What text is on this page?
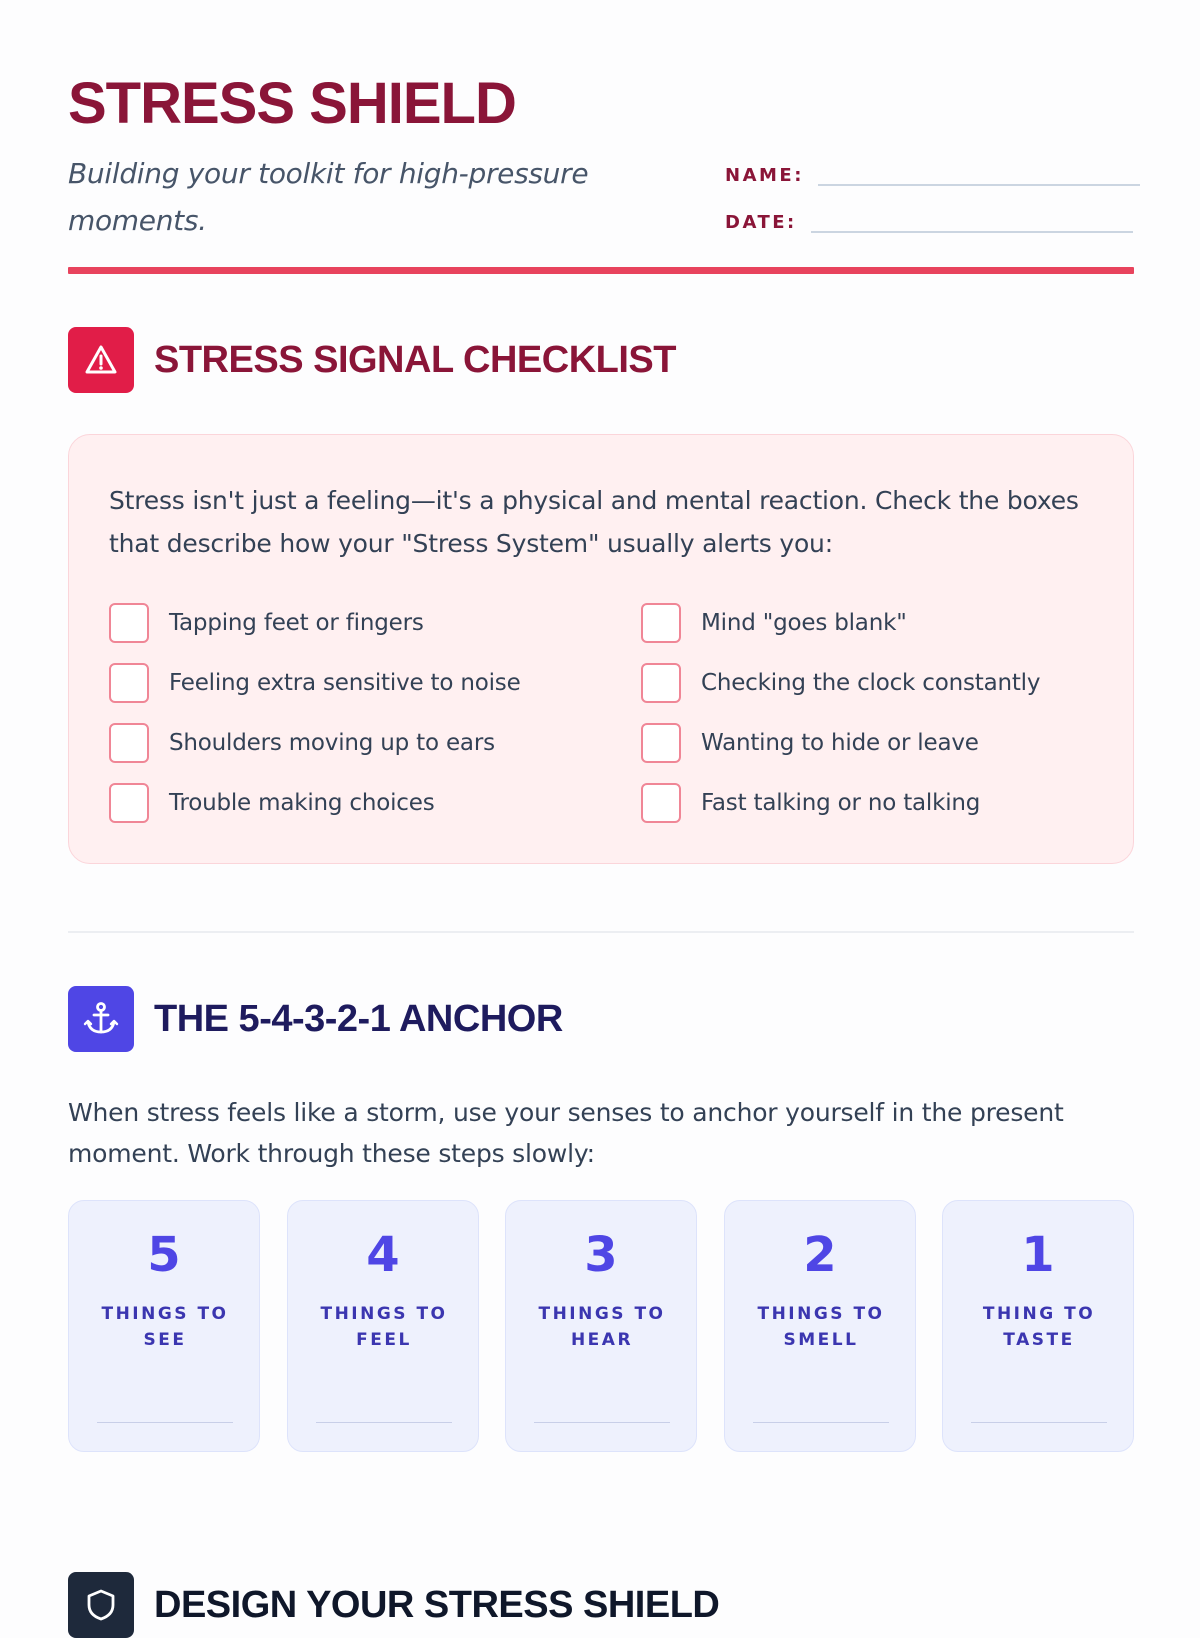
STRESS SHIELD

Building your toolkit for high-pressure moments.

NAME:
DATE:
STRESS SIGNAL CHECKLIST

Stress isn't just a feeling—it's a physical and mental reaction. Check the boxes that describe how your "Stress System" usually alerts you:

Tapping feet or fingers
Feeling extra sensitive to noise
Shoulders moving up to ears
Trouble making choices
Mind "goes blank"
Checking the clock constantly
Wanting to hide or leave
Fast talking or no talking
THE 5-4-3-2-1 ANCHOR

When stress feels like a storm, use your senses to anchor yourself in the present moment. Work through these steps slowly:

5
THINGS TO SEE
4
THINGS TO FEEL
3
THINGS TO HEAR
2
THINGS TO SMELL
1
THING TO TASTE
DESIGN YOUR STRESS SHIELD
